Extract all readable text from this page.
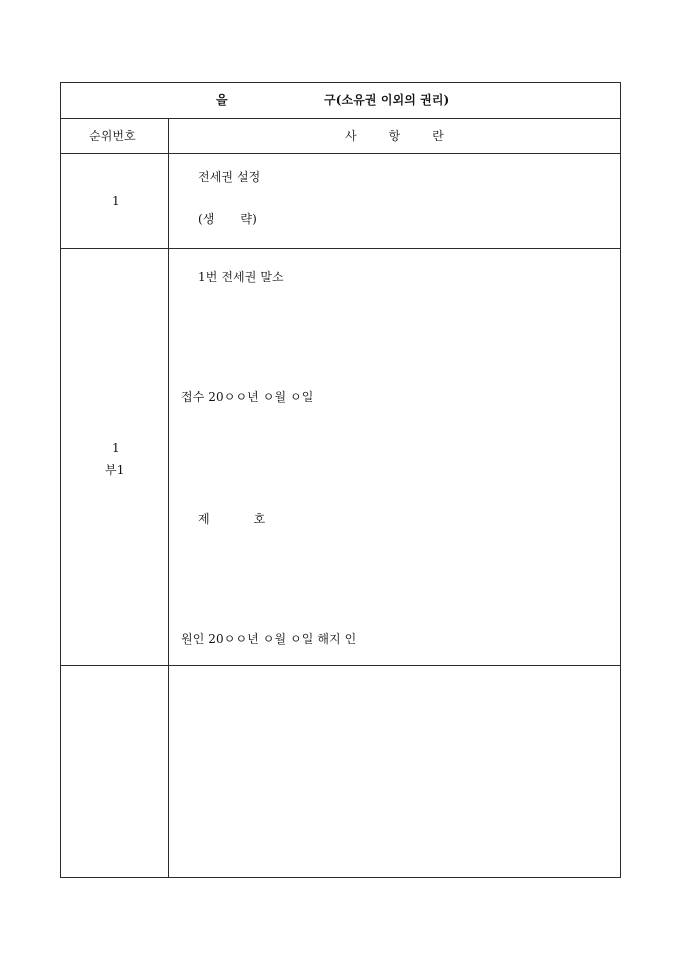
을	구(소유권 이외의 권리)
순위번호	사 항 란
1
전세권 설정
(생 략)
1
부1
1번 전세권 말소
접수 20ㅇㅇ년 ㅇ월 ㅇ일
제 호
원인 20ㅇㅇ년 ㅇ월 ㅇ일 해지 인
